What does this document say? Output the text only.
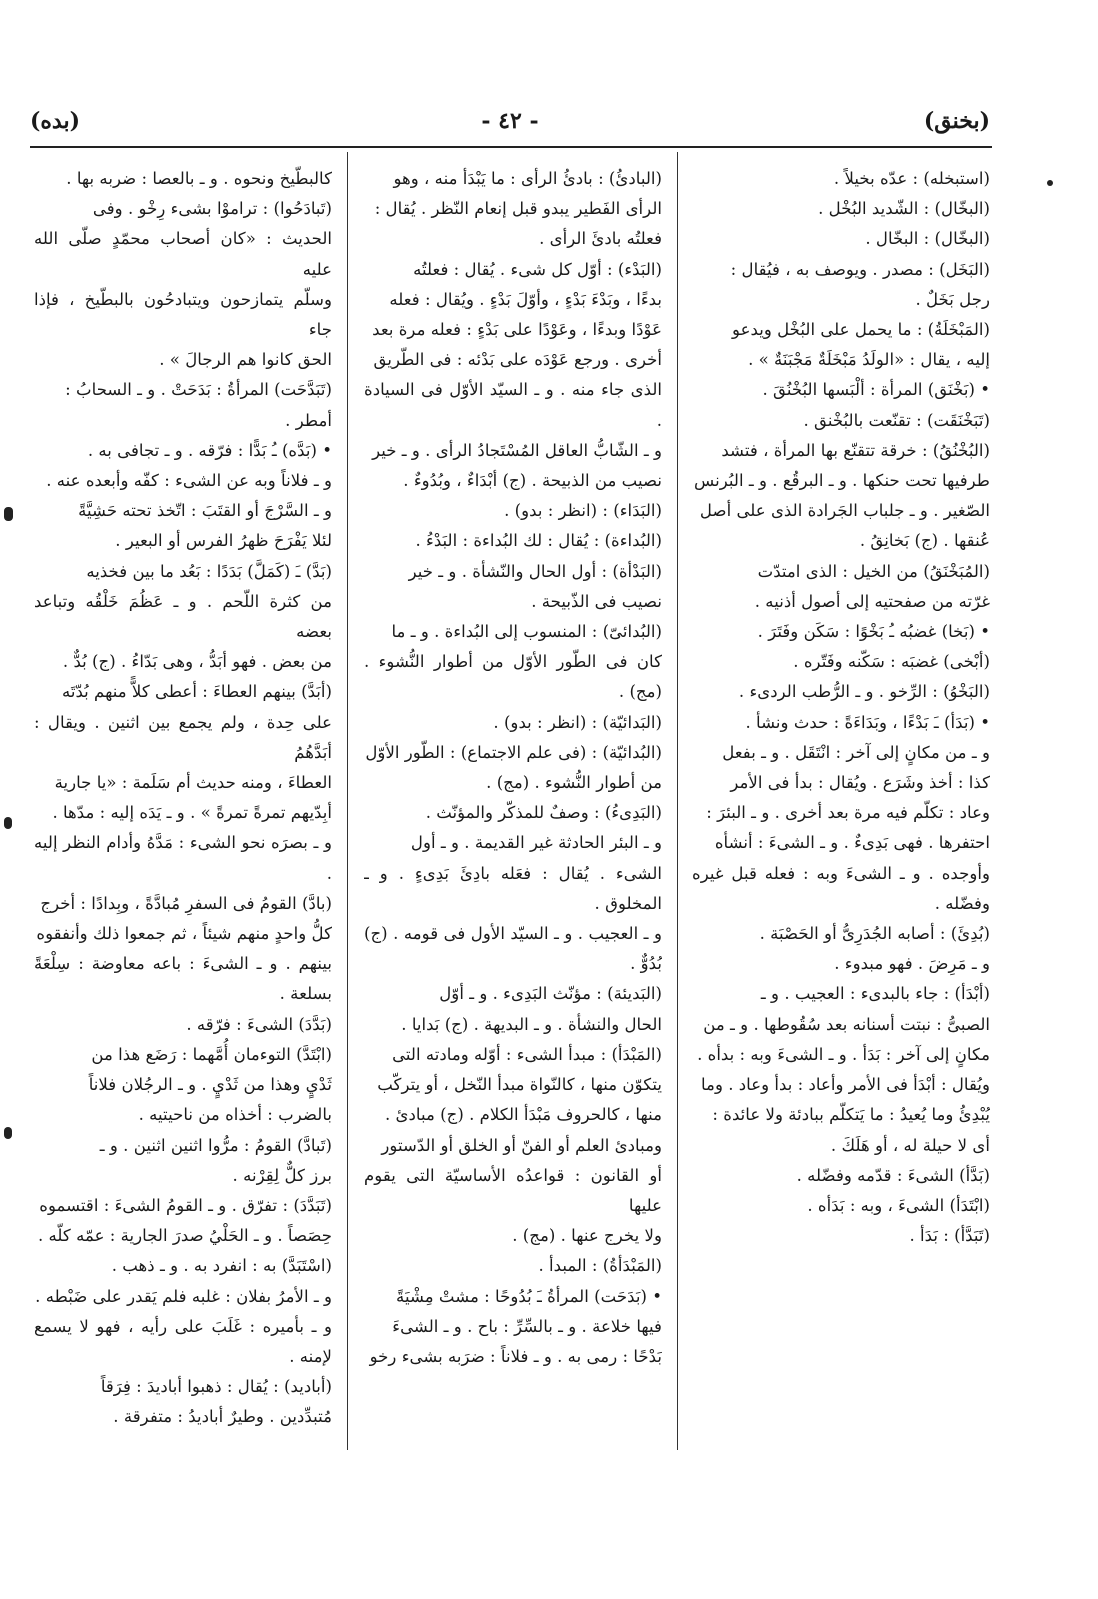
(بخنق)
- ٤٢ -
(بده)
(استبخله) : عدّه بخيلاً .
(البخّال) : الشّديد البُخْل .
(البخّال) : البخّال .
(البَخَل) : مصدر . ويوصف به ، فيُقال :
رجل بَخَلٌ .
(المَبْخَلَةُ) : ما يحمل على البُخْل ويدعو
إليه ، يقال : «الولَدُ مَبْخَلَةٌ مَجْبَنَةٌ » .
• (بَخْنَق) المرأة : ألْبَسها البُخْنُقَ .
(تَبَخْنَقَت) : تقنّعت بالبُخْنق .
(البُخْنُقُ) : خرقة تتقنّع بها المرأة ، فتشد
طرفيها تحت حنكها . و ـ البرقُع . و ـ البُرنس
الصّغير . و ـ جلباب الجَرادة الذى على أصل
عُنقها . (ج) بَخانِقُ .
(المُبَخْنَقُ) من الخيل : الذى امتدّت
غرّته من صفحتيه إلى أصول أذنيه .
• (بَخا) غضبُه ـُ بَخْوًا : سَكَن وفَتَرَ .
(أبْخى) غضبَه : سَكّنه وفَتّره .
(البَخْوُ) : الرِّخو . و ـ الرُّطب الردىء .
• (بَدَأ) ـَ بَدْءًا ، وبَدَاءَةً : حدث ونشأ .
و ـ من مكانٍ إلى آخر : انْتَقَل . و ـ بفعل
كذا : أخذ وشَرَع . ويُقال : بدأ فى الأمر
وعاد : تكلّم فيه مرة بعد أخرى . و ـ البئرَ :
احتفرها . فهى بَدِىءٌ . و ـ الشىءَ : أنشأه
وأوجده . و ـ الشىءَ وبه : فعله قبل غيره وفضّله .
(بُدِئَ) : أصابه الجُدَرِىُّ أو الحَصْبَة .
و ـ مَرِضَ . فهو مبدوء .
(أبْدَأ) : جاء بالبدىء : العجيب . و ـ
الصبىُّ : نبتت أسنانه بعد سُقُوطها . و ـ من
مكانٍ إلى آخر : بَدَأ . و ـ الشىءَ وبه : بدأه .
ويُقال : أبْدَأ فى الأمر وأعاد : بدأ وعاد . وما
يُبْدِئُ وما يُعيدُ : ما يَتكلّم ببادئة ولا عائدة :
أى لا حيلة له ، أو هَلَكَ .
(بَدَّأ) الشىءَ : قدّمه وفضّله .
(ابْتَدَأ) الشىءَ ، وبه : بَدَأه .
(تَبَدَّأ) : بَدَأ .
(البادئُ) : بادئُ الرأى : ما يَبْدَأ منه ، وهو
الرأى الفَطير يبدو قبل إنعام النّظر . يُقال :
فعلتُه بادئَ الرأى .
(البَدْء) : أوّل كل شىء . يُقال : فعلتُه
بدءًا ، وبَدْءَ بَدْءٍ ، وأوّلَ بَدْءٍ . ويُقال : فعله
عَوْدًا وبدءًا ، وعَوْدًا على بَدْءٍ : فعله مرة بعد
أخرى . ورجع عَوْدَه على بَدْئه : فى الطّريق
الذى جاء منه . و ـ السيّد الأوّل فى السيادة .
و ـ الشّابُّ العاقل المُسْتَجادُ الرأى . و ـ خير
نصيب من الذبيحة . (ج) أبْدَاءٌ ، وبُدُوءٌ .
(البَدَاء) : (انظر : بدو) .
(البُداءة) : يُقال : لك البُداءة : البَدْءُ .
(البَدْأة) : أول الحال والنّشأة . و ـ خير
نصيب فى الذّبيحة .
(البُدائىّ) : المنسوب إلى البُداءة . و ـ ما
كان فى الطّور الأوّل من أطوار النُّشوء . (مج) .
(البَدائيّة) : (انظر : بدو) .
(البُدائيّة) : (فى علم الاجتماع) : الطّور الأوّل
من أطوار النُّشوء . (مج) .
(البَدِىءُ) : وصفٌ للمذكّر والمؤنّث .
و ـ البئر الحادثة غير القديمة . و ـ أول
الشىء . يُقال : فعَله بادِئَ بَدِىءٍ . و ـ المخلوق .
و ـ العجيب . و ـ السيّد الأول فى قومه . (ج) بُدُوٌّ .
(البَديئة) : مؤنّث البَدِىء . و ـ أوّل
الحال والنشأة . و ـ البديهة . (ج) بَدايا .
(المَبْدَأ) : مبدأ الشىء : أوّله ومادته التى
يتكوّن منها ، كالنّواة مبدأ النّخل ، أو يتركّب
منها ، كالحروف مَبْدَأ الكلام . (ج) مبادئ .
ومبادئ العلم أو الفنّ أو الخلق أو الدّستور
أو القانون : قواعدُه الأساسيّة التى يقوم عليها
ولا يخرج عنها . (مج) .
(المَبْدَأةُ) : المبدأ .
• (بَدَحَت) المرأةُ ـَ بُدُوحًا : مشتْ مِشْيَةً
فيها خلاعة . و ـ بالسِّرِّ : باح . و ـ الشىءَ
بَدْحًا : رمى به . و ـ فلاناً : ضرَبه بشىء رخو
كالبطّيخ ونحوه . و ـ بالعصا : ضربه بها .
(تَبادَحُوا) : تراموْا بشىء رِخْو . وفى
الحديث : «كان أصحاب محمّدٍ صلّى الله عليه
وسلّم يتمازحون ويتبادحُون بالبطّيخ ، فإذا جاء
الحق كانوا هم الرجالَ » .
(تَبَدَّحَت) المرأةُ : بَدَحَتْ . و ـ السحابُ :
أمطر .
• (بَدَّه) ـُ بَدًّا : فرّقه . و ـ تجافى به .
و ـ فلاناً وبه عن الشىء : كفّه وأبعده عنه .
و ـ السَّرْجَ أو القتَبَ : اتّخذ تحته حَشِيَّةً
لئلا يَفْرَحَ ظهرُ الفرس أو البعير .
(بَدَّ) ـَ (كَمَلَّ) بَدَدًا : بَعُد ما بين فخذيه
من كثرة اللّحم . و ـ عَظُمَ خَلْقُه وتباعد بعضه
من بعض . فهو أبَدُّ ، وهى بَدّاءُ . (ج) بُدٌّ .
(أبَدَّ) بينهم العطاءَ : أعطى كلاًّ منهم بُدّتَه
على حِدة ، ولم يجمع بين اثنين . ويقال : أبَدَّهُمُ
العطاءَ ، ومنه حديث أم سَلَمة : «يا جارية
أبِدّيهم تمرةً تمرةً » . و ـ يَدَه إليه : مدّها .
و ـ بصرَه نحو الشىء : مَدَّهُ وأدام النظر إليه .
(بادَّ) القومُ فى السفرِ مُبادَّةً ، وبِدادًا : أخرج
كلُّ واحدٍ منهم شيئاً ، ثم جمعوا ذلك وأنفقوه
بينهم . و ـ الشىءَ : باعه معاوضة : سِلْعَةً بسلعة .
(بَدَّدَ) الشىءَ : فرّقه .
(ابْتَدَّ) التوءمان أُمَّهما : رَضَع هذا من
ثَدْيٍ وهذا من ثَدْيٍ . و ـ الرجُلان فلاناً
بالضرب : أخذاه من ناحيتيه .
(تَبادَّ) القومُ : مرُّوا اثنين اثنين . و ـ
برز كلٌّ لِقِرْنه .
(تَبَدَّدَ) : تفرّق . و ـ القومُ الشىءَ : اقتسموه
حِصَصاً . و ـ الحَلْيُ صدرَ الجارية : عمّه كلّه .
(اسْتَبَدَّ) به : انفرد به . و ـ ذهب .
و ـ الأمرُ بفلان : غلبه فلم يَقدر على ضَبْطه .
و ـ بأميره : غَلَبَ على رأيه ، فهو لا يسمع لإمنه .
(أباديد) : يُقال : ذهبوا أباديدَ : فِرَقاً
مُتبدِّدين . وطيرٌ أباديدُ : متفرقة .
